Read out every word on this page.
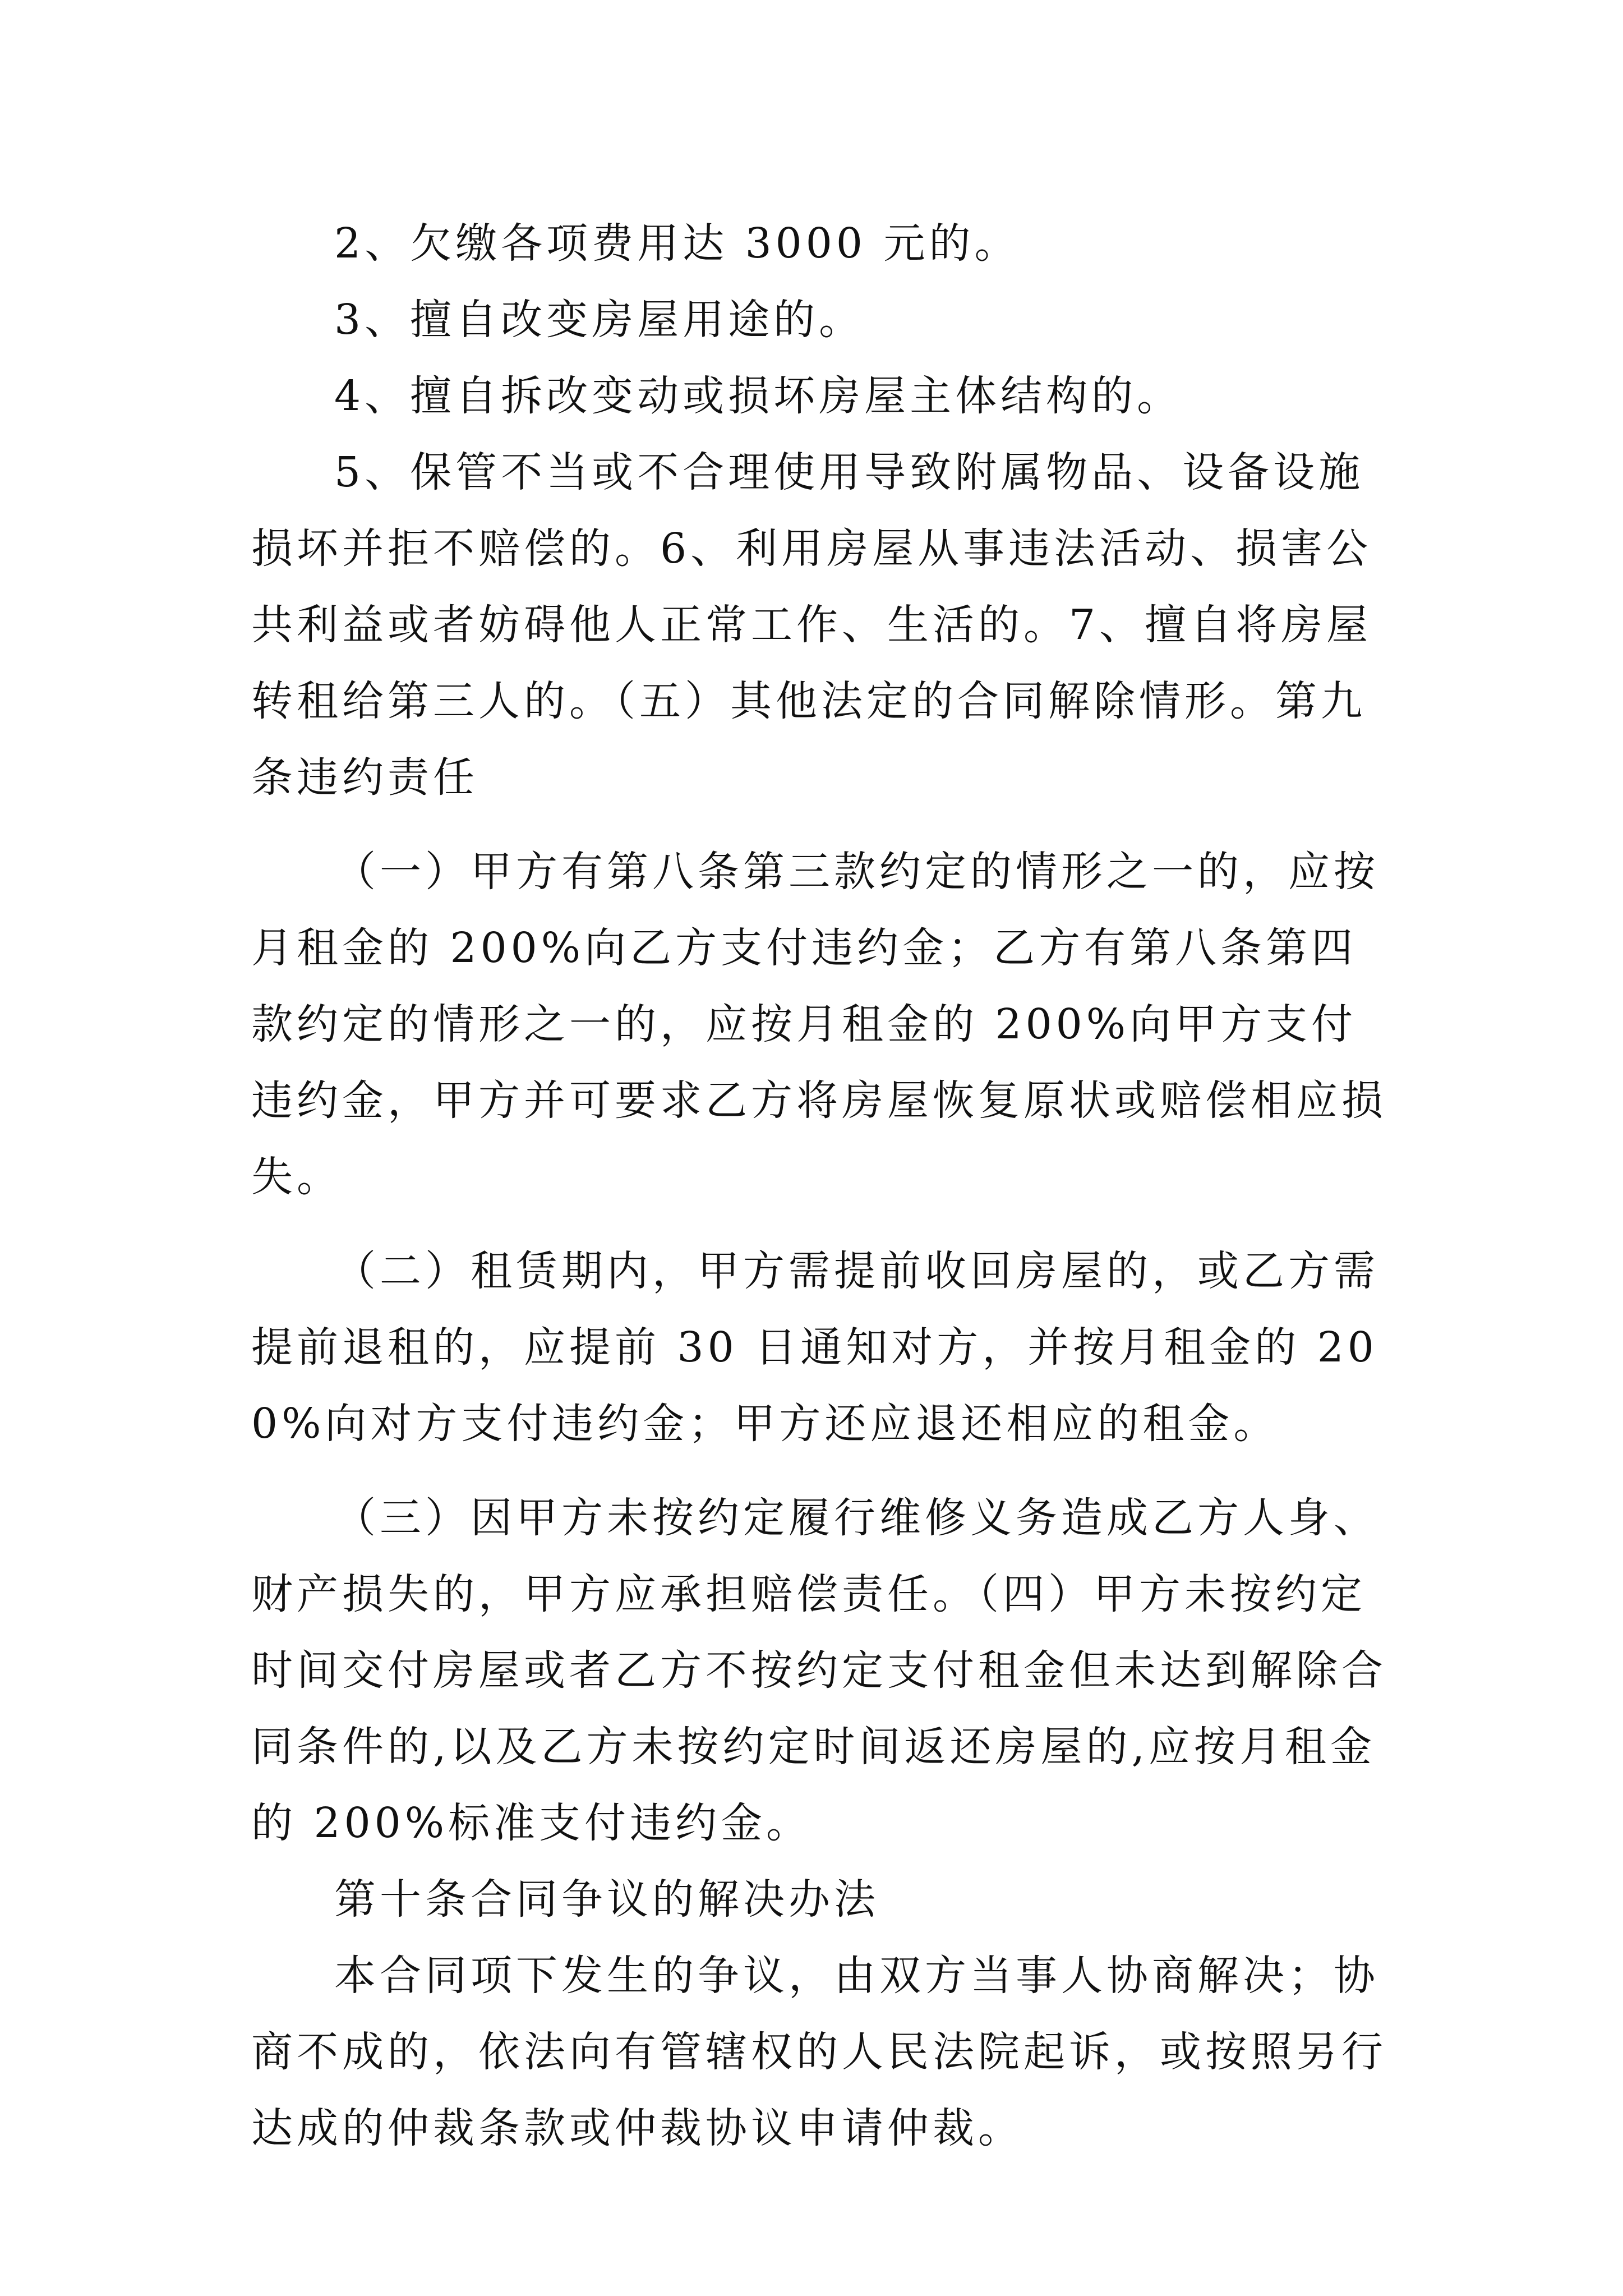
2、欠缴各项费用达 3000 元的。

3、擅自改变房屋用途的。

4、擅自拆改变动或损坏房屋主体结构的。

5、保管不当或不合理使用导致附属物品、设备设施损坏并拒不赔偿的。6、利用房屋从事违法活动、损害公共利益或者妨碍他人正常工作、生活的。7、擅自将房屋转租给第三人的。（五）其他法定的合同解除情形。第九条违约责任

（一）甲方有第八条第三款约定的情形之一的，应按月租金的 200%向乙方支付违约金；乙方有第八条第四款约定的情形之一的，应按月租金的 200%向甲方支付违约金，甲方并可要求乙方将房屋恢复原状或赔偿相应损失。

（二）租赁期内，甲方需提前收回房屋的，或乙方需提前退租的，应提前 30 日通知对方，并按月租金的 200%向对方支付违约金；甲方还应退还相应的租金。

（三）因甲方未按约定履行维修义务造成乙方人身、财产损失的，甲方应承担赔偿责任。（四）甲方未按约定时间交付房屋或者乙方不按约定支付租金但未达到解除合同条件的,以及乙方未按约定时间返还房屋的,应按月租金的 200%标准支付违约金。

第十条合同争议的解决办法

本合同项下发生的争议，由双方当事人协商解决；协商不成的，依法向有管辖权的人民法院起诉，或按照另行达成的仲裁条款或仲裁协议申请仲裁。
